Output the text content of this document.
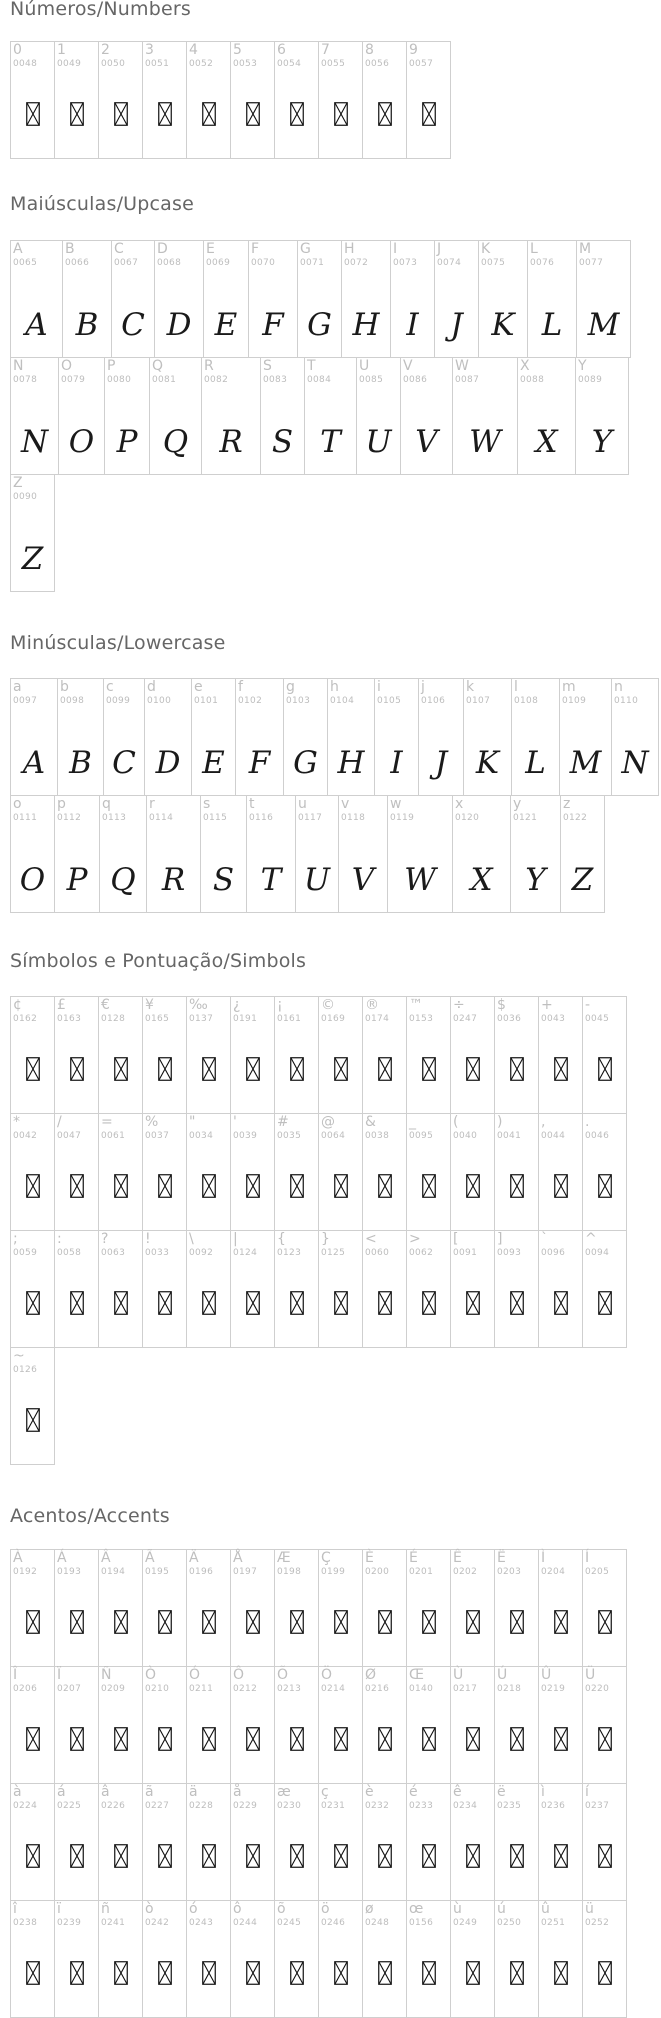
Números/Numbers
0
0048
1
0049
2
0050
3
0051
4
0052
5
0053
6
0054
7
0055
8
0056
9
0057
Maiúsculas/Upcase
A
0065
A
B
0066
B
C
0067
C
D
0068
D
E
0069
E
F
0070
F
G
0071
G
H
0072
H
I
0073
I
J
0074
J
K
0075
K
L
0076
L
M
0077
M
N
0078
N
O
0079
O
P
0080
P
Q
0081
Q
R
0082
R
S
0083
S
T
0084
T
U
0085
U
V
0086
V
W
0087
W
X
0088
X
Y
0089
Y
Z
0090
Z
Minúsculas/Lowercase
a
0097
A
b
0098
B
c
0099
C
d
0100
D
e
0101
E
f
0102
F
g
0103
G
h
0104
H
i
0105
I
j
0106
J
k
0107
K
l
0108
L
m
0109
M
n
0110
N
o
0111
O
p
0112
P
q
0113
Q
r
0114
R
s
0115
S
t
0116
T
u
0117
U
v
0118
V
w
0119
W
x
0120
X
y
0121
Y
z
0122
Z
Símbolos e Pontuação/Simbols
¢
0162
£
0163
€
0128
¥
0165
‰
0137
¿
0191
¡
0161
©
0169
®
0174
™
0153
÷
0247
$
0036
+
0043
-
0045
*
0042
/
0047
=
0061
%
0037
"
0034
'
0039
#
0035
@
0064
&
0038
_
0095
(
0040
)
0041
,
0044
.
0046
;
0059
:
0058
?
0063
!
0033
\
0092
|
0124
{
0123
}
0125
<
0060
>
0062
[
0091
]
0093
`
0096
^
0094
~
0126
Acentos/Accents
À
0192
Á
0193
Â
0194
Ã
0195
Ä
0196
Å
0197
Æ
0198
Ç
0199
È
0200
É
0201
Ê
0202
Ë
0203
Ì
0204
Í
0205
Î
0206
Ï
0207
Ñ
0209
Ò
0210
Ó
0211
Ô
0212
Õ
0213
Ö
0214
Ø
0216
Œ
0140
Ù
0217
Ú
0218
Û
0219
Ü
0220
à
0224
á
0225
â
0226
ã
0227
ä
0228
å
0229
æ
0230
ç
0231
è
0232
é
0233
ê
0234
ë
0235
ì
0236
í
0237
î
0238
ï
0239
ñ
0241
ò
0242
ó
0243
ô
0244
õ
0245
ö
0246
ø
0248
œ
0156
ù
0249
ú
0250
û
0251
ü
0252
